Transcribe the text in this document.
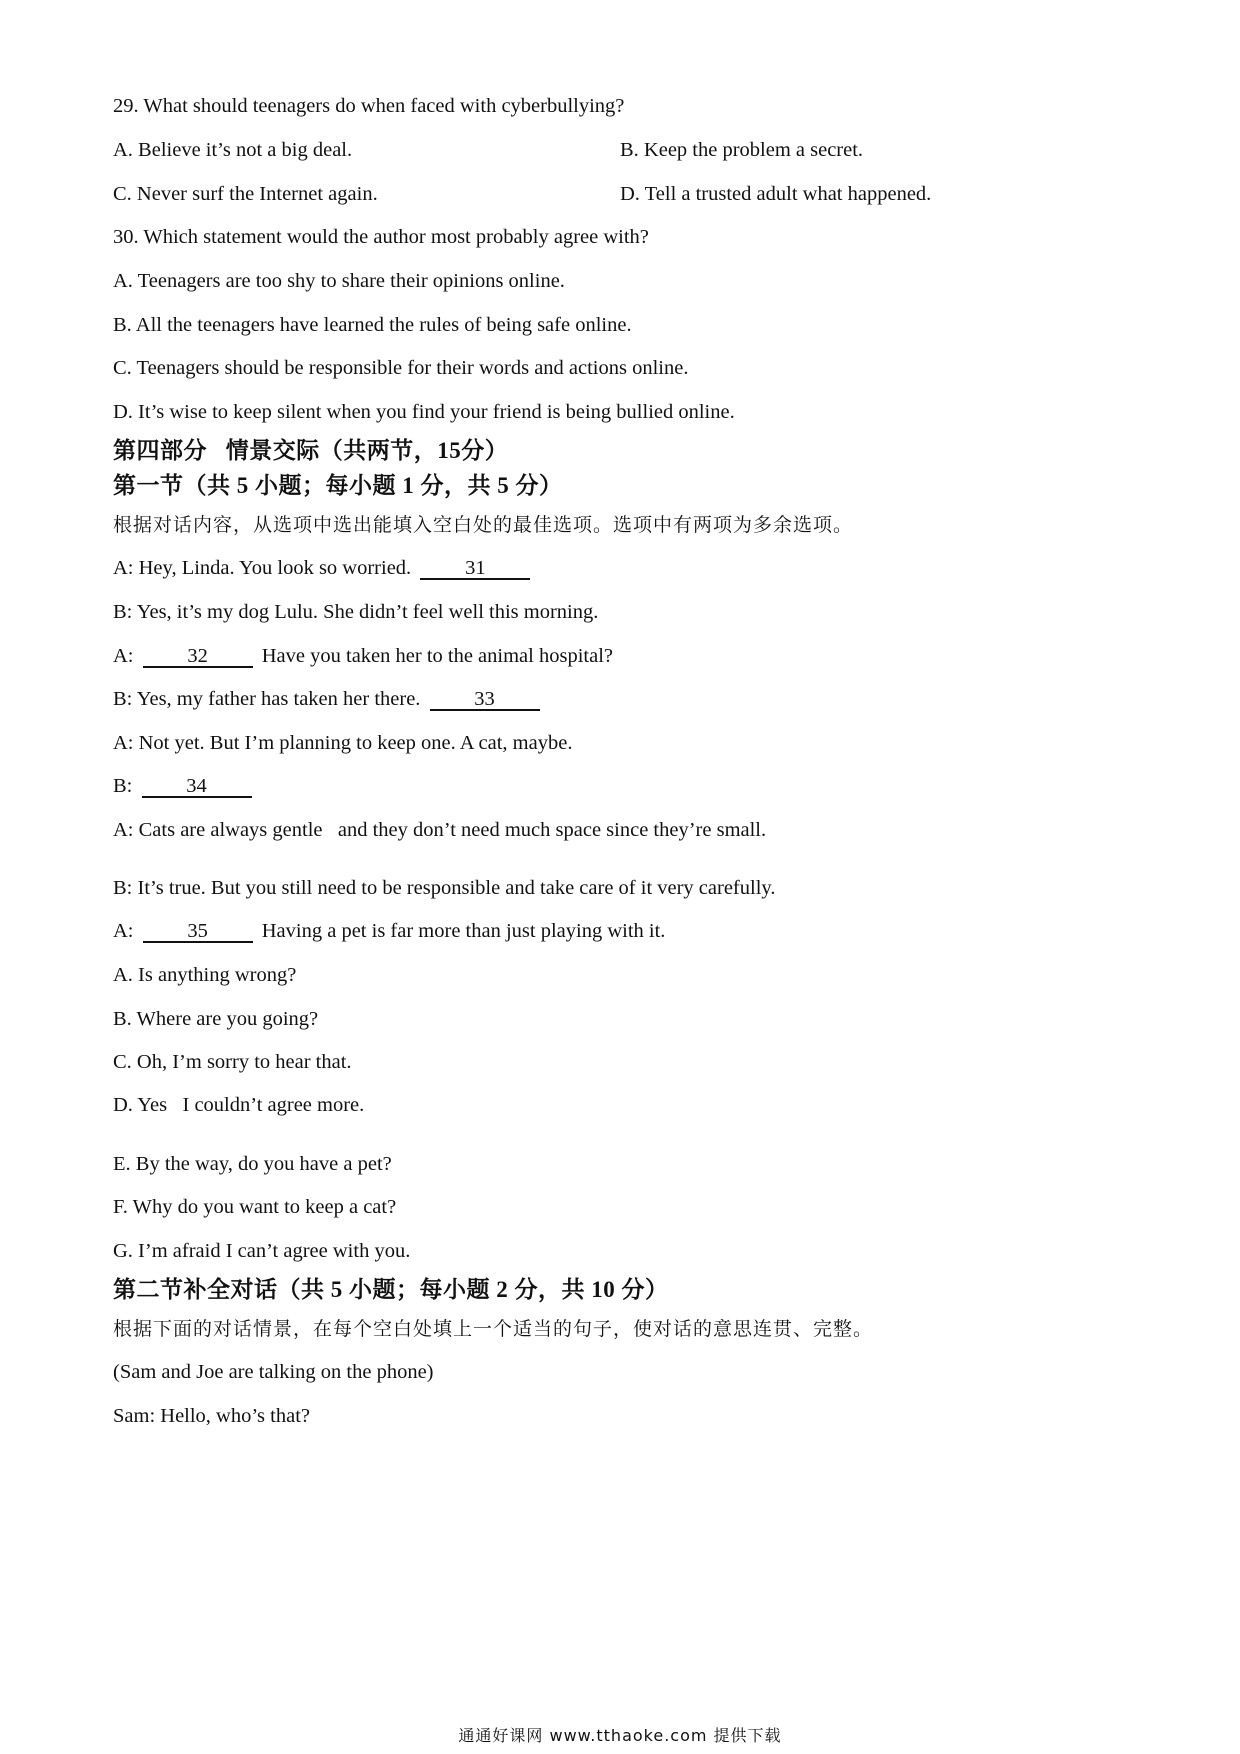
29. What should teenagers do when faced with cyberbullying?
A. Believe it’s not a big deal.	B. Keep the problem a secret.
C. Never surf the Internet again.	D. Tell a trusted adult what happened.
30. Which statement would the author most probably agree with?
A. Teenagers are too shy to share their opinions online.
B. All the teenagers have learned the rules of being safe online.
C. Teenagers should be responsible for their words and actions online.
D. It’s wise to keep silent when you find your friend is being bullied online.
第四部分   情景交际（共两节，15分）
第一节（共 5 小题；每小题 1 分，共 5 分）
根据对话内容，从选项中选出能填入空白处的最佳选项。选项中有两项为多余选项。
A: Hey, Linda. You look so worried. 31
B: Yes, it’s my dog Lulu. She didn’t feel well this morning.
A: 32 Have you taken her to the animal hospital?
B: Yes, my father has taken her there. 33
A: Not yet. But I’m planning to keep one. A cat, maybe.
B: 34
A: Cats are always gentle   and they don’t need much space since they’re small.
B: It’s true. But you still need to be responsible and take care of it very carefully.
A: 35 Having a pet is far more than just playing with it.
A. Is anything wrong?
B. Where are you going?
C. Oh, I’m sorry to hear that.
D. Yes   I couldn’t agree more.
E. By the way, do you have a pet?
F. Why do you want to keep a cat?
G. I’m afraid I can’t agree with you.
第二节补全对话（共 5 小题；每小题 2 分，共 10 分）
根据下面的对话情景，在每个空白处填上一个适当的句子，使对话的意思连贯、完整。
(Sam and Joe are talking on the phone)
Sam: Hello, who’s that?
通通好课网 www.tthaoke.com 提供下载
